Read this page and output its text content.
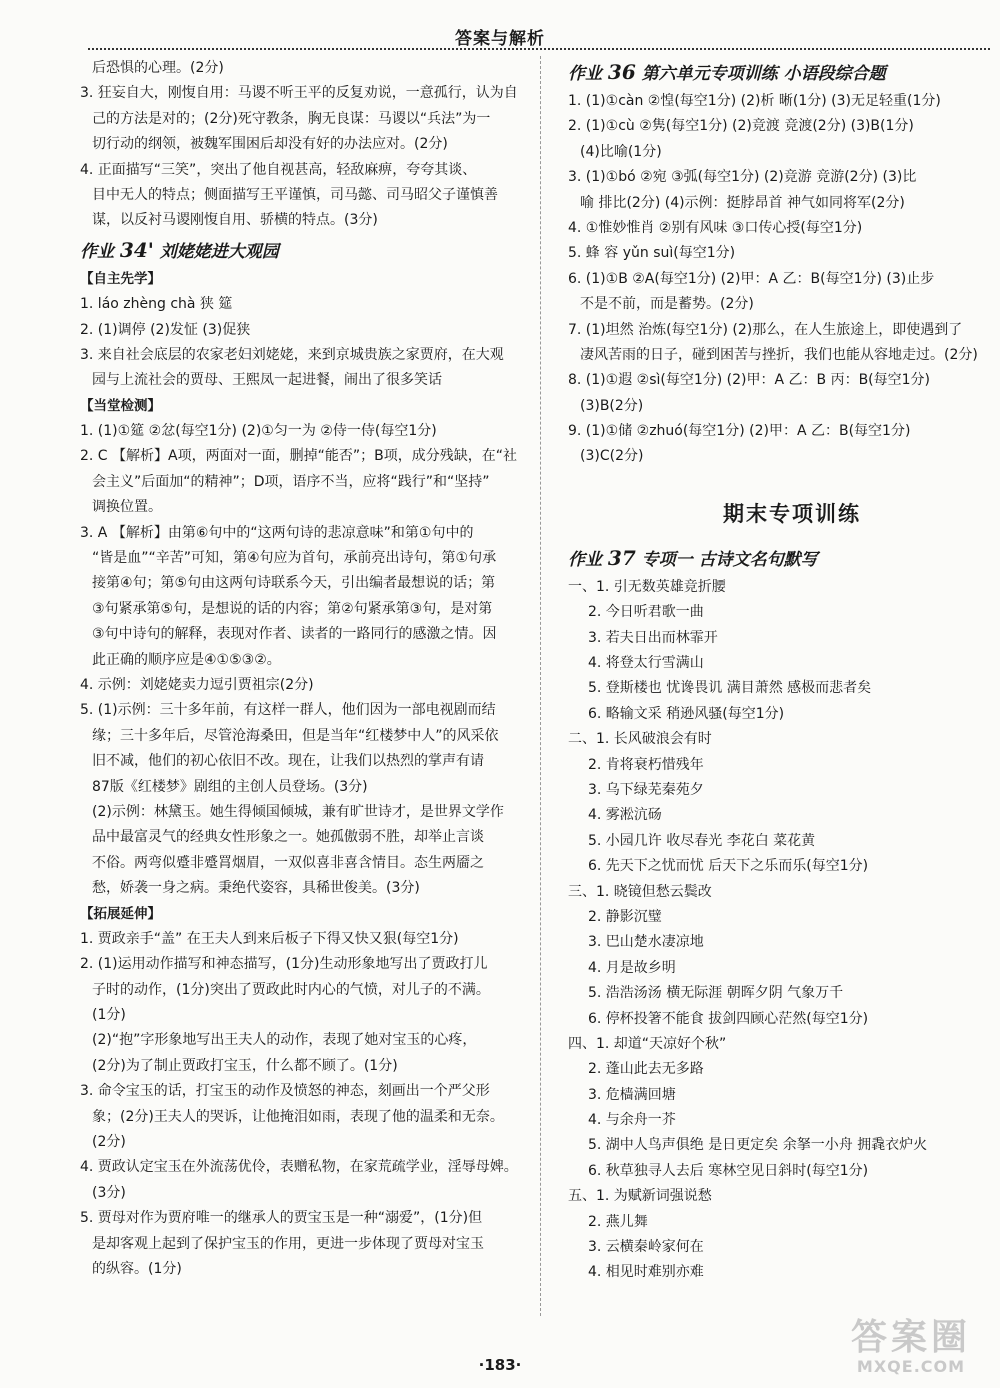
答案与解析
后恐惧的心理。(2分)
3. 狂妄自大，刚愎自用：马谡不听王平的反复劝说，一意孤行，认为自
己的方法是对的；(2分)死守教条，胸无良谋：马谡以“兵法”为一
切行动的纲领，被魏军围困后却没有好的办法应对。(2分)
4. 正面描写“三笑”，突出了他自视甚高，轻敌麻痹，夸夸其谈、
目中无人的特点；侧面描写王平谨慎，司马懿、司马昭父子谨慎善
谋，以反衬马谡刚愎自用、骄横的特点。(3分)
作业 34' 刘姥姥进大观园
【自主先学】
1. láo zhèng chà 狭 筵
2. (1)调停 (2)发怔 (3)促狭
3. 来自社会底层的农家老妇刘姥姥，来到京城贵族之家贾府，在大观
园与上流社会的贾母、王熙凤一起进餐，闹出了很多笑话
【当堂检测】
1. (1)①筵 ②忿(每空1分) (2)①匀一为 ②侍一侍(每空1分)
2. C 【解析】A项，两面对一面，删掉“能否”；B项，成分残缺，在“社
会主义”后面加“的精神”；D项，语序不当，应将“践行”和“坚持”
调换位置。
3. A 【解析】由第⑥句中的“这两句诗的悲凉意味”和第①句中的
“皆是血”“辛苦”可知，第④句应为首句，承前亮出诗句，第①句承
接第④句；第⑤句由这两句诗联系今天，引出编者最想说的话；第
③句紧承第⑤句，是想说的话的内容；第②句紧承第③句，是对第
③句中诗句的解释，表现对作者、读者的一路同行的感激之情。因
此正确的顺序应是④①⑤③②。
4. 示例：刘姥姥卖力逗引贾祖宗(2分)
5. (1)示例：三十多年前，有这样一群人，他们因为一部电视剧而结
缘；三十多年后，尽管沧海桑田，但是当年“红楼梦中人”的风采依
旧不减，他们的初心依旧不改。现在，让我们以热烈的掌声有请
87版《红楼梦》剧组的主创人员登场。(3分)
(2)示例：林黛玉。她生得倾国倾城，兼有旷世诗才，是世界文学作
品中最富灵气的经典女性形象之一。她孤傲弱不胜，却举止言谈
不俗。两弯似蹙非蹙罥烟眉，一双似喜非喜含情目。态生两靥之
愁，娇袭一身之病。秉绝代姿容，具稀世俊美。(3分)
【拓展延伸】
1. 贾政亲手“盖” 在王夫人到来后板子下得又快又狠(每空1分)
2. (1)运用动作描写和神态描写，(1分)生动形象地写出了贾政打儿
子时的动作，(1分)突出了贾政此时内心的气愤，对儿子的不满。
(1分)
(2)“抱”字形象地写出王夫人的动作，表现了她对宝玉的心疼，
(2分)为了制止贾政打宝玉，什么都不顾了。(1分)
3. 命令宝玉的话，打宝玉的动作及愤怒的神态，刻画出一个严父形
象；(2分)王夫人的哭诉，让他掩泪如雨，表现了他的温柔和无奈。
(2分)
4. 贾政认定宝玉在外流荡优伶，表赠私物，在家荒疏学业，淫辱母婢。
(3分)
5. 贾母对作为贾府唯一的继承人的贾宝玉是一种“溺爱”，(1分)但
是却客观上起到了保护宝玉的作用，更进一步体现了贾母对宝玉
的纵容。(1分)
作业 36 第六单元专项训练 小语段综合题
1. (1)①càn ②惶(每空1分) (2)析 晰(1分) (3)无足轻重(1分)
2. (1)①cù ②隽(每空1分) (2)竞渡 竞渡(2分) (3)B(1分)
(4)比喻(1分)
3. (1)①bó ②宛 ③弧(每空1分) (2)竞游 竞游(2分) (3)比
喻 排比(2分) (4)示例：挺脖昂首 神气如同将军(2分)
4. ①惟妙惟肖 ②别有风味 ③口传心授(每空1分)
5. 蜂 容 yǔn suì(每空1分)
6. (1)①B ②A(每空1分) (2)甲：A 乙：B(每空1分) (3)止步
不是不前，而是蓄势。(2分)
7. (1)坦然 治炼(每空1分) (2)那么，在人生旅途上，即使遇到了
凄风苦雨的日子，碰到困苦与挫折，我们也能从容地走过。(2分)
8. (1)①遐 ②sì(每空1分) (2)甲：A 乙：B 丙：B(每空1分)
(3)B(2分)
9. (1)①储 ②zhuó(每空1分) (2)甲：A 乙：B(每空1分)
(3)C(2分)
期末专项训练
作业 37 专项一 古诗文名句默写
一、1. 引无数英雄竞折腰
2. 今日听君歌一曲
3. 若夫日出而林霏开
4. 将登太行雪满山
5. 登斯楼也 忧谗畏讥 满目萧然 感极而悲者矣
6. 略输文采 稍逊风骚(每空1分)
二、1. 长风破浪会有时
2. 肯将衰朽惜残年
3. 乌下绿芜秦苑夕
4. 雾淞沆砀
5. 小园几许 收尽春光 李花白 菜花黄
6. 先天下之忧而忧 后天下之乐而乐(每空1分)
三、1. 晓镜但愁云鬓改
2. 静影沉璧
3. 巴山楚水凄凉地
4. 月是故乡明
5. 浩浩汤汤 横无际涯 朝晖夕阴 气象万千
6. 停杯投箸不能食 拔剑四顾心茫然(每空1分)
四、1. 却道“天凉好个秋”
2. 蓬山此去无多路
3. 危樯满回塘
4. 与余舟一芥
5. 湖中人鸟声俱绝 是日更定矣 余拏一小舟 拥毳衣炉火
6. 秋草独寻人去后 寒林空见日斜时(每空1分)
五、1. 为赋新词强说愁
2. 燕儿舞
3. 云横秦岭家何在
4. 相见时难别亦难
·183·
答案圈
MXQE.COM
